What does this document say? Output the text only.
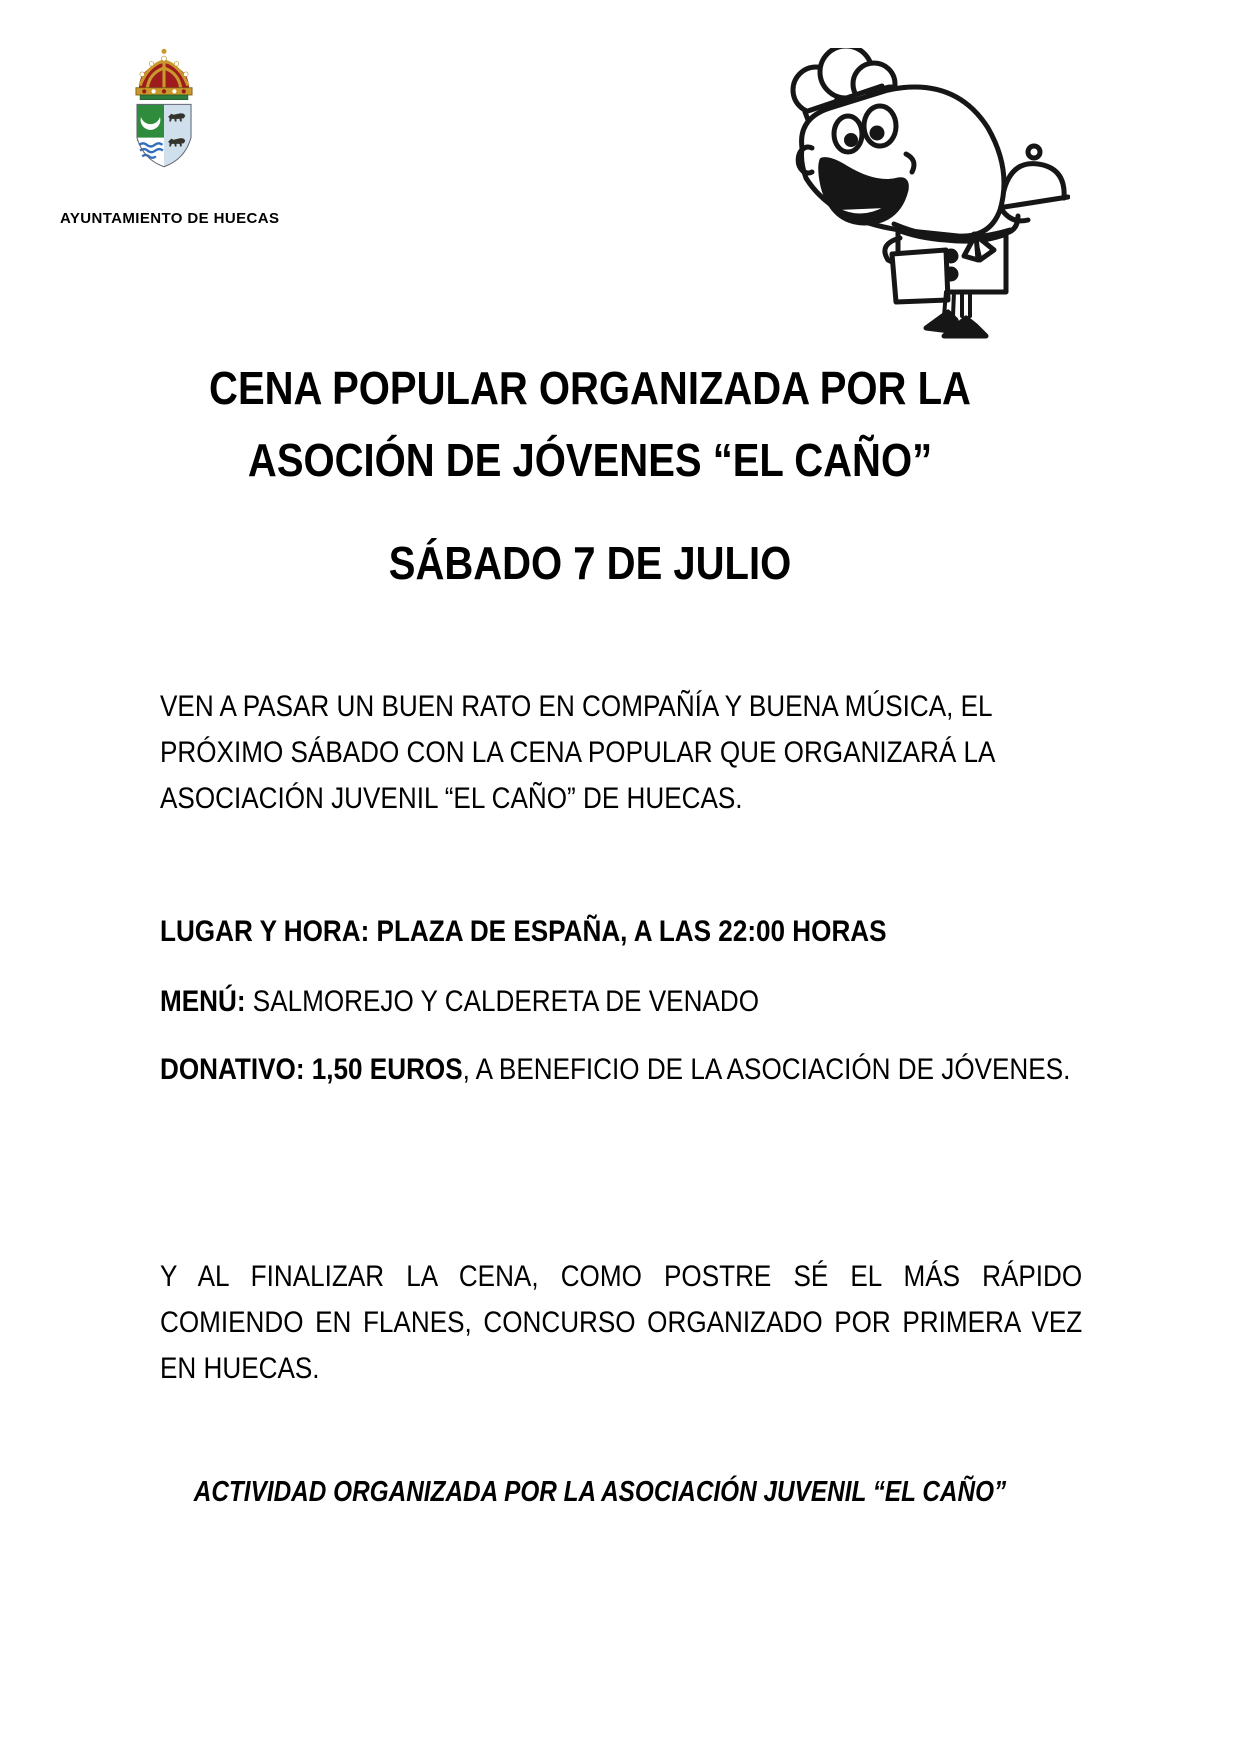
AYUNTAMIENTO DE HUECAS
CENA POPULAR ORGANIZADA POR LA
ASOCIÓN DE JÓVENES “EL CAÑO”
SÁBADO 7 DE JULIO
VEN A PASAR UN BUEN RATO EN COMPAÑÍA Y BUENA MÚSICA, EL PRÓXIMO SÁBADO CON LA CENA POPULAR QUE ORGANIZARÁ LA ASOCIACIÓN JUVENIL “EL CAÑO” DE HUECAS.
LUGAR Y HORA: PLAZA DE ESPAÑA, A LAS 22:00 HORAS
MENÚ: SALMOREJO Y CALDERETA DE VENADO
DONATIVO: 1,50 EUROS, A BENEFICIO DE LA ASOCIACIÓN DE JÓVENES.
Y AL FINALIZAR LA CENA, COMO POSTRE SÉ EL MÁS RÁPIDO COMIENDO EN FLANES, CONCURSO ORGANIZADO POR PRIMERA VEZ EN HUECAS.
ACTIVIDAD ORGANIZADA POR LA ASOCIACIÓN JUVENIL “EL CAÑO”
